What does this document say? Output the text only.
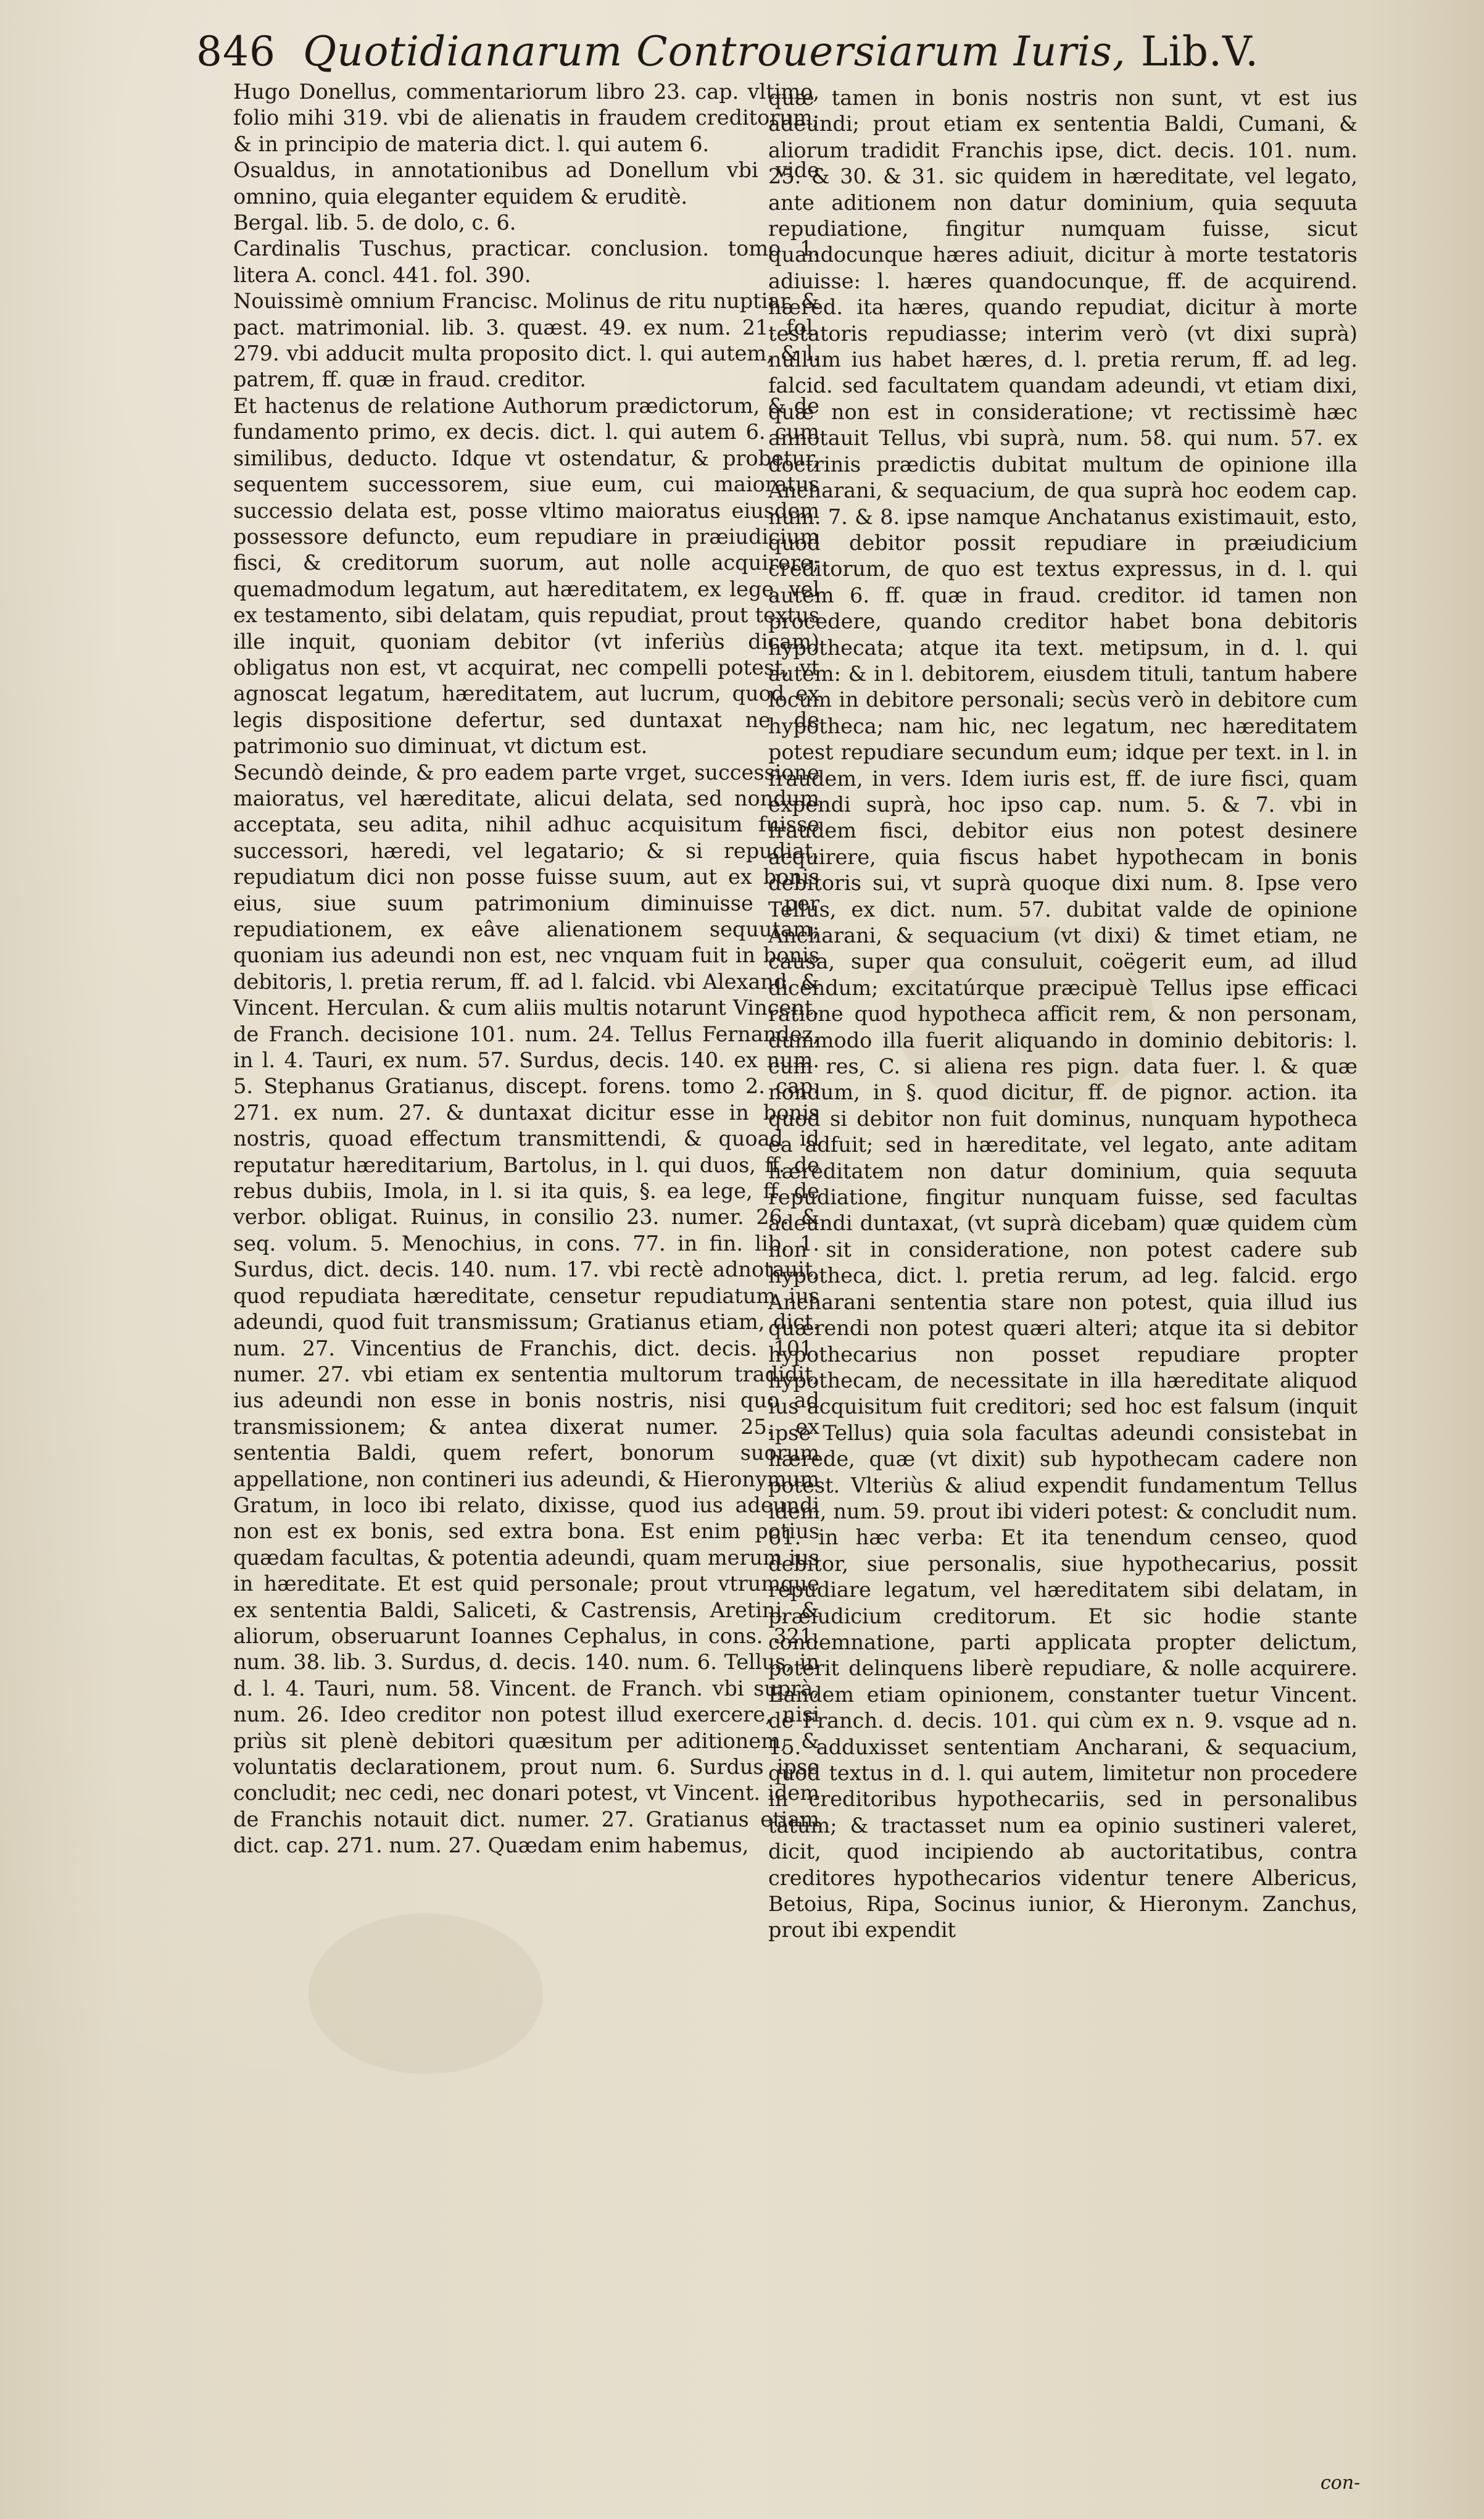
846 Quotidianarum Controuersiarum Iuris, Lib.V.

Hugo Donellus, commentariorum libro 23. cap. vltimo, folio mihi 319. vbi de alienatis in fraudem creditorum; & in principio de materia dict. l. qui autem 6.

Osualdus, in annotationibus ad Donellum vbi vide omnino, quia eleganter equidem & eruditè.

Bergal. lib. 5. de dolo, c. 6.

Cardinalis Tuschus, practicar. conclusion. tomo 1. litera A. concl. 441. fol. 390.

Nouissimè omnium Francisc. Molinus de ritu nuptiar. & pact. matrimonial. lib. 3. quæst. 49. ex num. 21. fol. 279. vbi adducit multa proposito dict. l. qui autem, & l. patrem, ff. quæ in fraud. creditor.

Et hactenus de relatione Authorum prædictorum, & de fundamento primo, ex decis. dict. l. qui autem 6. cum similibus, deducto. Idque vt ostendatur, & probetur, sequentem successorem, siue eum, cui maioratus successio delata est, posse vltimo maioratus eiusdem possessore defuncto, eum repudiare in præiudicium fisci, & creditorum suorum, aut nolle acquirere; quemadmodum legatum, aut hæreditatem, ex lege, vel ex testamento, sibi delatam, quis repudiat, prout textus ille inquit, quoniam debitor (vt inferiùs dicam) obligatus non est, vt acquirat, nec compelli potest, vt agnoscat legatum, hæreditatem, aut lucrum, quod ex legis dispositione defertur, sed duntaxat ne de patrimonio suo diminuat, vt dictum est.

Secundò deinde, & pro eadem parte vrget, successione maioratus, vel hæreditate, alicui delata, sed nondum acceptata, seu adita, nihil adhuc acquisitum fuisse successori, hæredi, vel legatario; & si repudiat, repudiatum dici non posse fuisse suum, aut ex bonis eius, siue suum patrimonium diminuisse per repudiationem, ex eâve alienationem sequutam; quoniam ius adeundi non est, nec vnquam fuit in bonis debitoris, l. pretia rerum, ff. ad l. falcid. vbi Alexand. & Vincent. Herculan. & cum aliis multis notarunt Vincent. de Franch. decisione 101. num. 24. Tellus Fernandez, in l. 4. Tauri, ex num. 57. Surdus, decis. 140. ex num. 5. Stephanus Gratianus, discept. forens. tomo 2. cap. 271. ex num. 27. & duntaxat dicitur esse in bonis nostris, quoad effectum transmittendi, & quoad id reputatur hæreditarium, Bartolus, in l. qui duos, ff. de rebus dubiis, Imola, in l. si ita quis, §. ea lege, ff. de verbor. obligat. Ruinus, in consilio 23. numer. 26. & seq. volum. 5. Menochius, in cons. 77. in fin. lib. 1. Surdus, dict. decis. 140. num. 17. vbi rectè adnotauit, quod repudiata hæreditate, censetur repudiatum ius adeundi, quod fuit transmissum; Gratianus etiam, dict. num. 27. Vincentius de Franchis, dict. decis. 101. numer. 27. vbi etiam ex sententia multorum tradidit, ius adeundi non esse in bonis nostris, nisi quo ad transmissionem; & antea dixerat numer. 25. ex sententia Baldi, quem refert, bonorum suorum appellatione, non contineri ius adeundi, & Hieronymum Gratum, in loco ibi relato, dixisse, quod ius adeundi non est ex bonis, sed extra bona. Est enim potius quædam facultas, & potentia adeundi, quam merum ius in hæreditate. Et est quid personale; prout vtrumque ex sententia Baldi, Saliceti, & Castrensis, Aretini, & aliorum, obseruarunt Ioannes Cephalus, in cons. 321. num. 38. lib. 3. Surdus, d. decis. 140. num. 6. Tellus, in d. l. 4. Tauri, num. 58. Vincent. de Franch. vbi suprà, num. 26. Ideo creditor non potest illud exercere, nisi priùs sit plenè debitori quæsitum per aditionem, & voluntatis declarationem, prout num. 6. Surdus ipse concludit; nec cedi, nec donari potest, vt Vincent. idem de Franchis notauit dict. numer. 27. Gratianus etiam dict. cap. 271. num. 27. Quædam enim habemus,

quæ tamen in bonis nostris non sunt, vt est ius adeundi; prout etiam ex sententia Baldi, Cumani, & aliorum tradidit Franchis ipse, dict. decis. 101. num. 25. & 30. & 31. sic quidem in hæreditate, vel legato, ante aditionem non datur dominium, quia sequuta repudiatione, fingitur numquam fuisse, sicut quandocunque hæres adiuit, dicitur à morte testatoris adiuisse: l. hæres quandocunque, ff. de acquirend. hæred. ita hæres, quando repudiat, dicitur à morte testatoris repudiasse; interim verò (vt dixi suprà) nullum ius habet hæres, d. l. pretia rerum, ff. ad leg. falcid. sed facultatem quandam adeundi, vt etiam dixi, quæ non est in consideratione; vt rectissimè hæc annotauit Tellus, vbi suprà, num. 58. qui num. 57. ex doctrinis prædictis dubitat multum de opinione illa Ancharani, & sequacium, de qua suprà hoc eodem cap. num. 7. & 8. ipse namque Anchatanus existimauit, esto, quod debitor possit repudiare in præiudicium creditorum, de quo est textus expressus, in d. l. qui autem 6. ff. quæ in fraud. creditor. id tamen non procedere, quando creditor habet bona debitoris hypothecata; atque ita text. metipsum, in d. l. qui autem: & in l. debitorem, eiusdem tituli, tantum habere locum in debitore personali; secùs verò in debitore cum hypotheca; nam hic, nec legatum, nec hæreditatem potest repudiare secundum eum; idque per text. in l. in fraudem, in vers. Idem iuris est, ff. de iure fisci, quam expendi suprà, hoc ipso cap. num. 5. & 7. vbi in fraudem fisci, debitor eius non potest desinere acquirere, quia fiscus habet hypothecam in bonis debitoris sui, vt suprà quoque dixi num. 8. Ipse vero Tellus, ex dict. num. 57. dubitat valde de opinione Ancharani, & sequacium (vt dixi) & timet etiam, ne causa, super qua consuluit, coëgerit eum, ad illud dicendum; excitatúrque præcipuè Tellus ipse efficaci ratione quod hypotheca afficit rem, & non personam, dummodo illa fuerit aliquando in dominio debitoris: l. cum res, C. si aliena res pign. data fuer. l. & quæ nondum, in §. quod dicitur, ff. de pignor. action. ita quod si debitor non fuit dominus, nunquam hypotheca ea adfuit; sed in hæreditate, vel legato, ante aditam hæreditatem non datur dominium, quia sequuta repudiatione, fingitur nunquam fuisse, sed facultas adeundi duntaxat, (vt suprà dicebam) quæ quidem cùm non sit in consideratione, non potest cadere sub hypotheca, dict. l. pretia rerum, ad leg. falcid. ergo Ancharani sententia stare non potest, quia illud ius quærendi non potest quæri alteri; atque ita si debitor hypothecarius non posset repudiare propter hypothecam, de necessitate in illa hæreditate aliquod ius acquisitum fuit creditori; sed hoc est falsum (inquit ipse Tellus) quia sola facultas adeundi consistebat in hærede, quæ (vt dixit) sub hypothecam cadere non potest. Vlteriùs & aliud expendit fundamentum Tellus idem, num. 59. prout ibi videri potest: & concludit num. 61. in hæc verba: Et ita tenendum censeo, quod debitor, siue personalis, siue hypothecarius, possit repudiare legatum, vel hæreditatem sibi delatam, in præiudicium creditorum. Et sic hodie stante condemnatione, parti applicata propter delictum, poterit delinquens liberè repudiare, & nolle acquirere. Eandem etiam opinionem, constanter tuetur Vincent. de Franch. d. decis. 101. qui cùm ex n. 9. vsque ad n. 15. adduxisset sententiam Ancharani, & sequacium, quod textus in d. l. qui autem, limitetur non procedere in creditoribus hypothecariis, sed in personalibus tàtùm; & tractasset num ea opinio sustineri valeret, dicit, quod incipiendo ab auctoritatibus, contra creditores hypothecarios videntur tenere Albericus, Betoius, Ripa, Socinus iunior, & Hieronym. Zanchus, prout ibi expendit

con-
